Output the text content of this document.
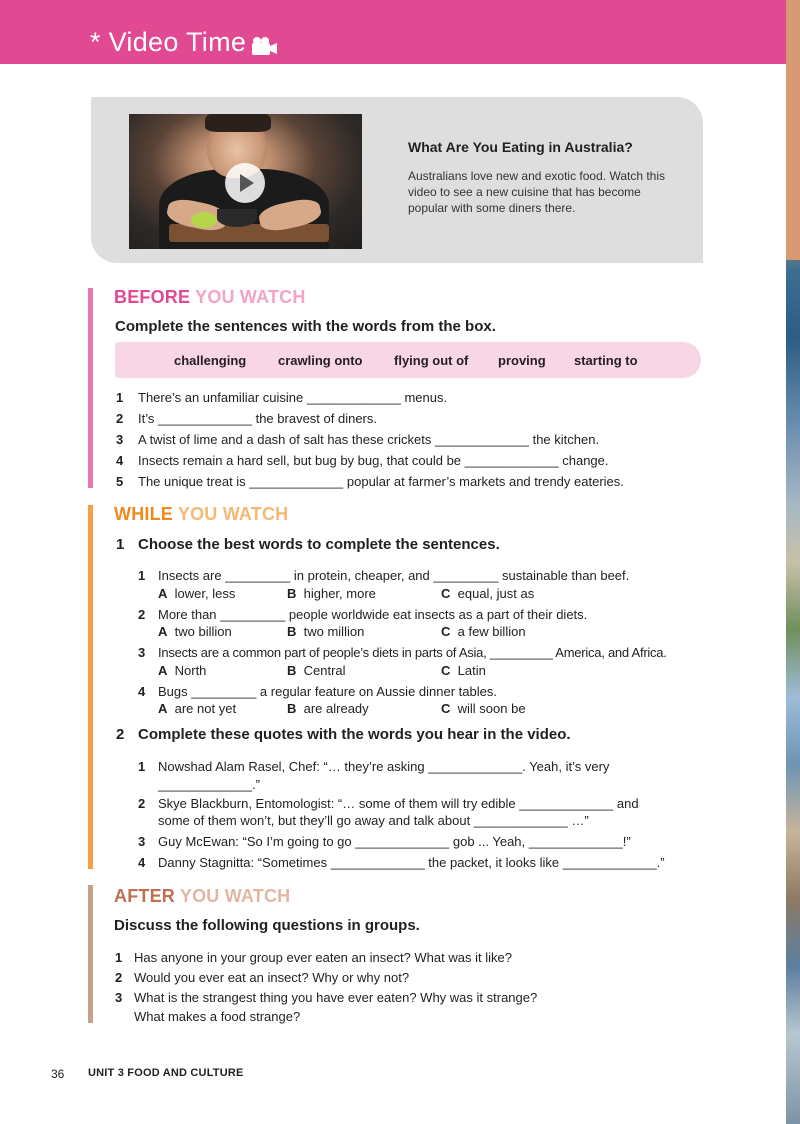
* Video Time
What Are You Eating in Australia?
Australians love new and exotic food. Watch this video to see a new cuisine that has become popular with some diners there.
BEFORE YOU WATCH
Complete the sentences with the words from the box.
challenging crawling onto flying out of proving starting to
1 There’s an unfamiliar cuisine _____________ menus.
2 It’s _____________ the bravest of diners.
3 A twist of lime and a dash of salt has these crickets _____________ the kitchen.
4 Insects remain a hard sell, but bug by bug, that could be _____________ change.
5 The unique treat is _____________ popular at farmer’s markets and trendy eateries.
WHILE YOU WATCH
1 Choose the best words to complete the sentences.
1 Insects are _________ in protein, cheaper, and _________ sustainable than beef.
A lower, less	B higher, more	C equal, just as
2 More than _________ people worldwide eat insects as a part of their diets.
A two billion	B two million	C a few billion
3 Insects are a common part of people’s diets in parts of Asia, _________ America, and Africa.
A North	B Central	C Latin
4 Bugs _________ a regular feature on Aussie dinner tables.
A are not yet	B are already	C will soon be
2 Complete these quotes with the words you hear in the video.
1 Nowshad Alam Rasel, Chef: “… they’re asking _____________. Yeah, it’s very
_____________.”
2 Skye Blackburn, Entomologist: “… some of them will try edible _____________ and
some of them won’t, but they’ll go away and talk about _____________ …”
3 Guy McEwan: “So I’m going to go _____________ gob ... Yeah, _____________!”
4 Danny Stagnitta: “Sometimes _____________ the packet, it looks like _____________.”
AFTER YOU WATCH
Discuss the following questions in groups.
1 Has anyone in your group ever eaten an insect? What was it like?
2 Would you ever eat an insect? Why or why not?
3 What is the strangest thing you have ever eaten? Why was it strange?
What makes a food strange?
36 UNIT 3 FOOD AND CULTURE
